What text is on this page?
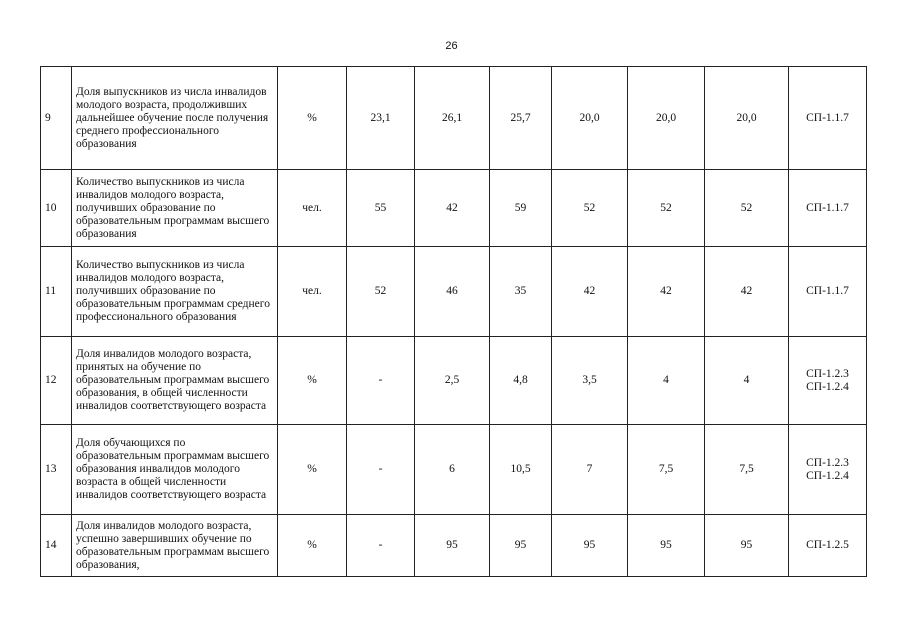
26
9	Доля выпускников из числа инвалидов молодого возраста, продолживших дальнейшее обучение после получения среднего профессионального образования	%	23,1	26,1	25,7	20,0	20,0	20,0	СП-1.1.7

10	Количество выпускников из числа инвалидов молодого возраста, получивших образование по образовательным программам высшего образования	чел.	55	42	59	52	52	52	СП-1.1.7

11	Количество выпускников из числа инвалидов молодого возраста, получивших образование по образовательным программам среднего профессионального образования	чел.	52	46	35	42	42	42	СП-1.1.7

12	Доля инвалидов молодого возраста, принятых на обучение по образовательным программам высшего образования, в общей численности инвалидов соответствующего возраста	%	-	2,5	4,8	3,5	4	4	СП-1.2.3
СП-1.2.4

13	Доля обучающихся по образовательным программам высшего образования инвалидов молодого возраста в общей численности инвалидов соответствующего возраста	%	-	6	10,5	7	7,5	7,5	СП-1.2.3
СП-1.2.4

14	Доля инвалидов молодого возраста, успешно завершивших обучение по образовательным программам высшего образования,	%	-	95	95	95	95	95	СП-1.2.5
